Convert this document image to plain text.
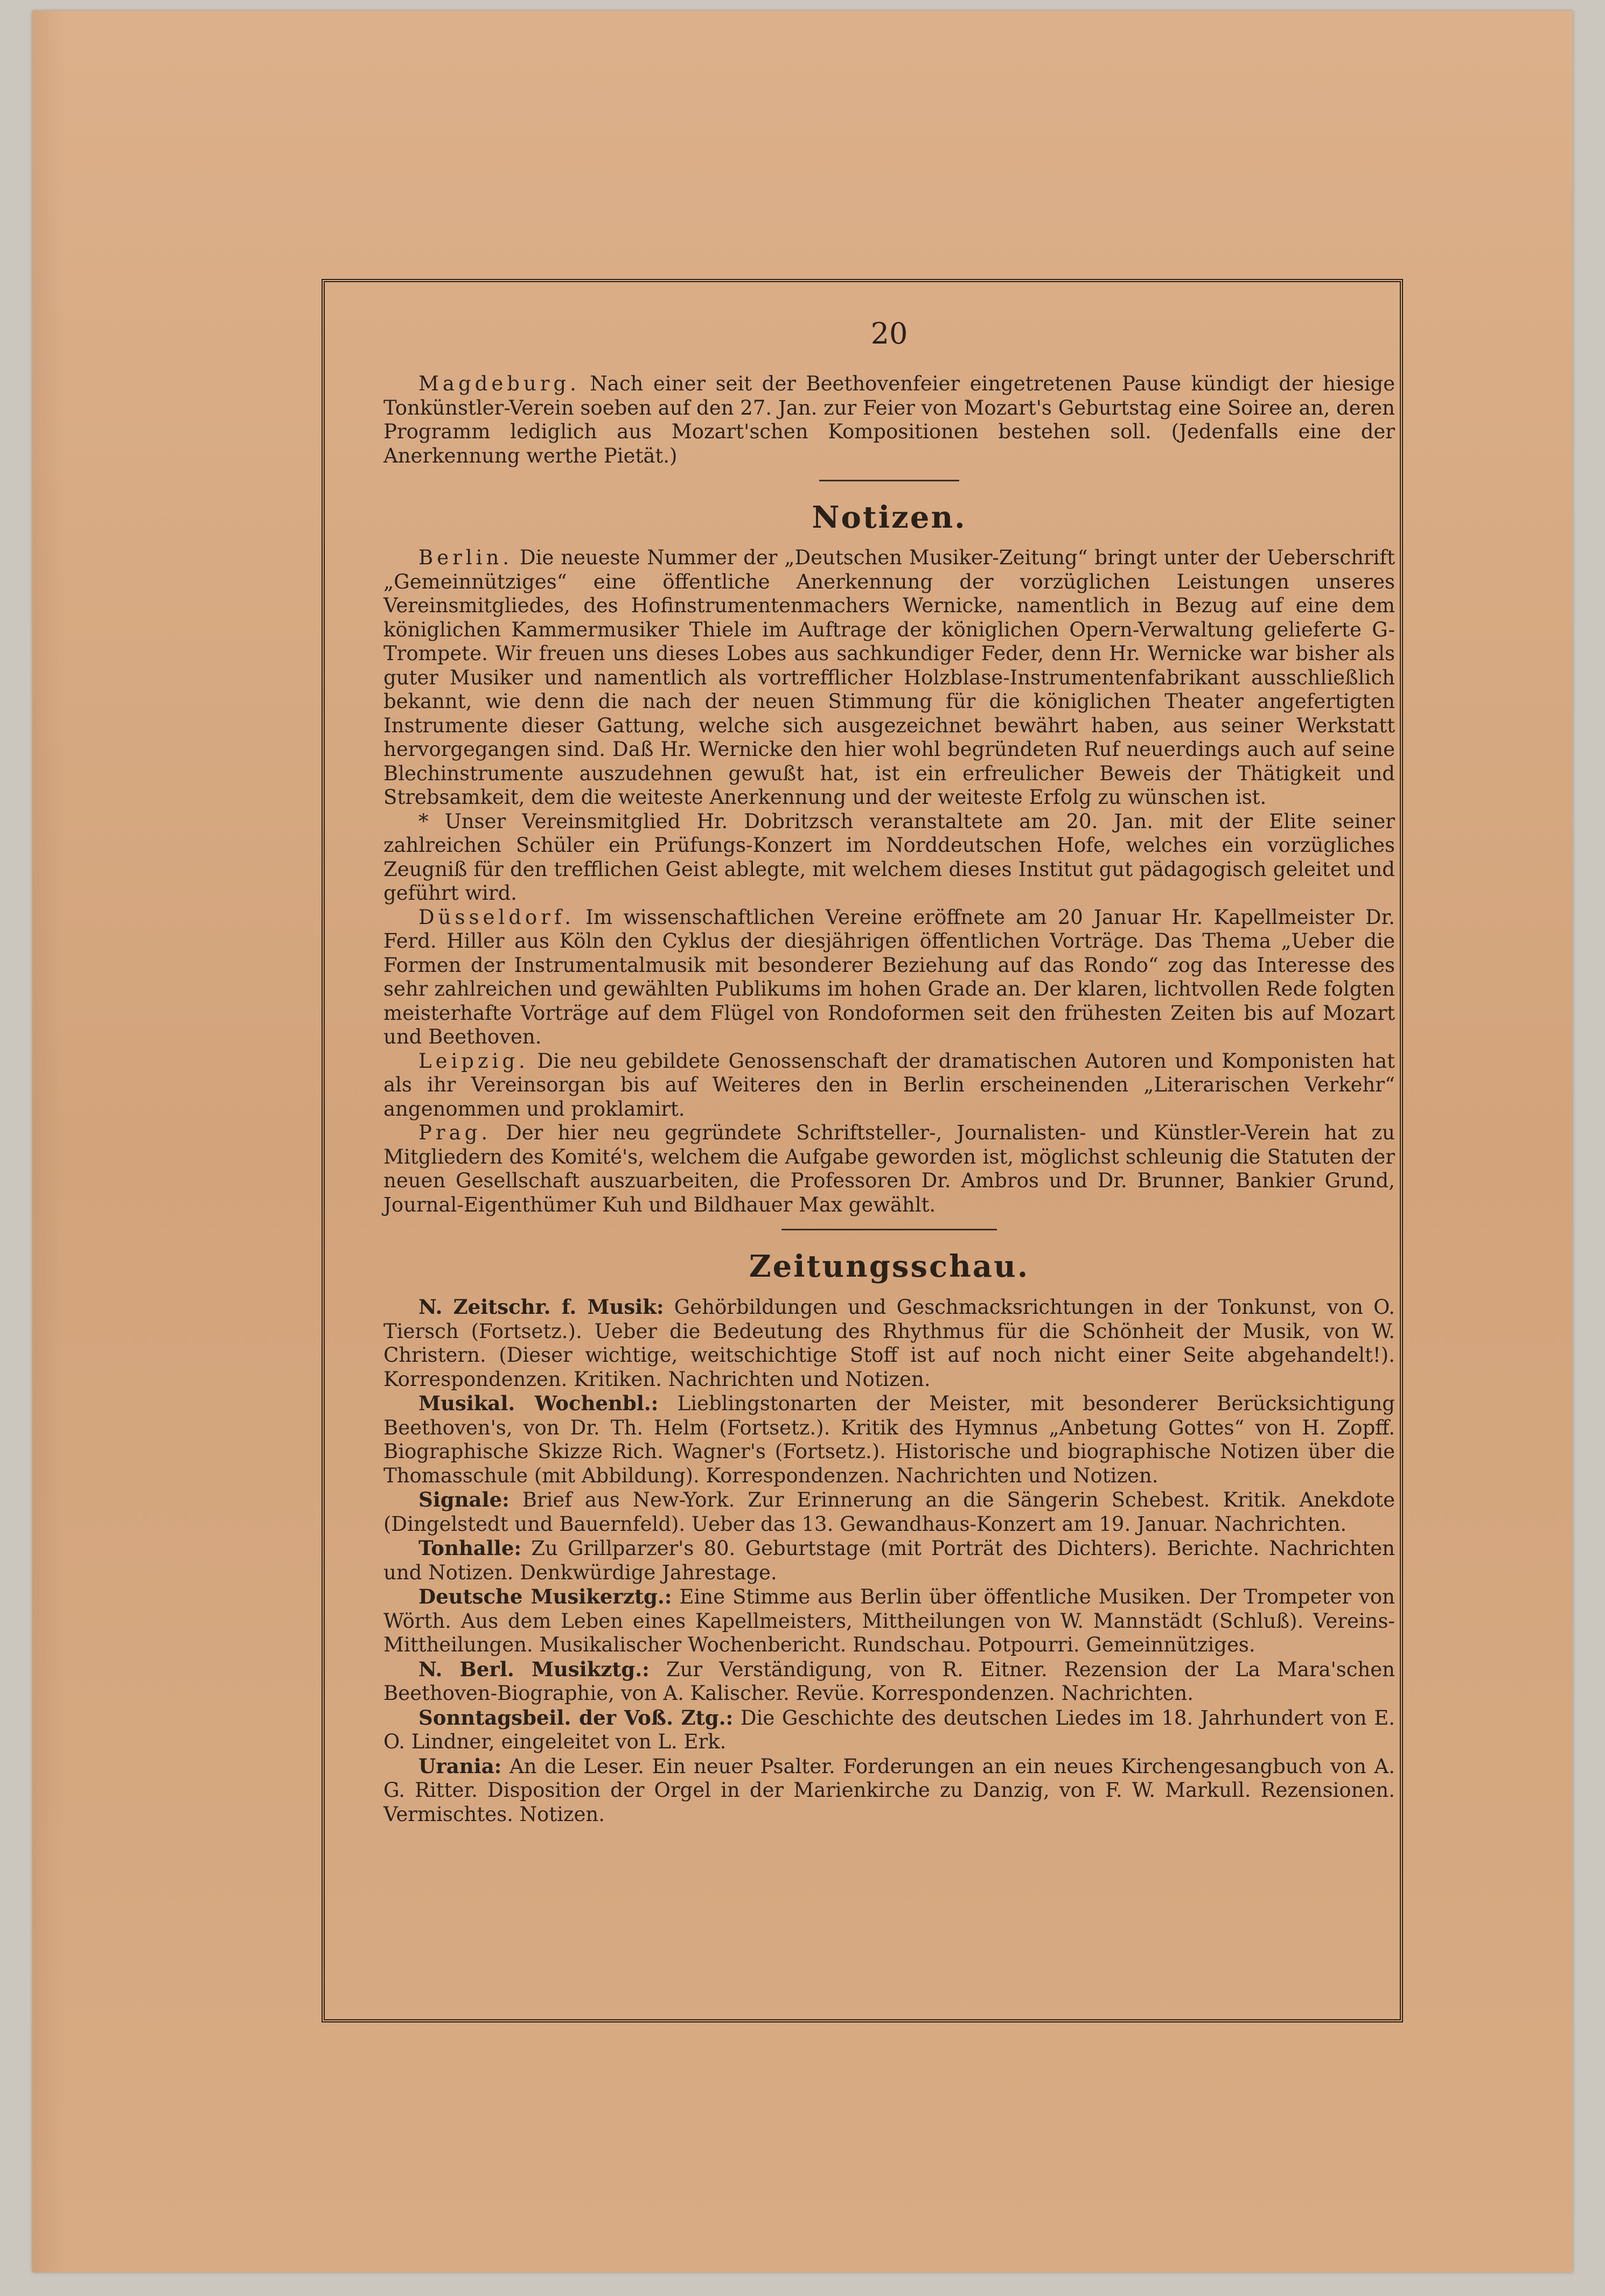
20

Magdeburg. Nach einer seit der Beethovenfeier eingetretenen Pause kündigt der hiesige Tonkünstler-Verein soeben auf den 27. Jan. zur Feier von Mozart's Geburtstag eine Soiree an, deren Programm lediglich aus Mozart'schen Kompositionen bestehen soll. (Jedenfalls eine der Anerkennung werthe Pietät.)

Notizen.

Berlin. Die neueste Nummer der „Deutschen Musiker-Zeitung“ bringt unter der Ueberschrift „Gemeinnütziges“ eine öffentliche Anerkennung der vorzüglichen Leistungen unseres Vereinsmitgliedes, des Hofinstrumentenmachers Wernicke, namentlich in Bezug auf eine dem königlichen Kammermusiker Thiele im Auftrage der königlichen Opern-Verwaltung gelieferte G-Trompete. Wir freuen uns dieses Lobes aus sachkundiger Feder, denn Hr. Wernicke war bisher als guter Musiker und namentlich als vortrefflicher Holzblase-Instrumentenfabrikant ausschließlich bekannt, wie denn die nach der neuen Stimmung für die königlichen Theater angefertigten Instrumente dieser Gattung, welche sich ausgezeichnet bewährt haben, aus seiner Werkstatt hervorgegangen sind. Daß Hr. Wernicke den hier wohl begründeten Ruf neuerdings auch auf seine Blechinstrumente auszudehnen gewußt hat, ist ein erfreulicher Beweis der Thätigkeit und Strebsamkeit, dem die weiteste Anerkennung und der weiteste Erfolg zu wünschen ist.

* Unser Vereinsmitglied Hr. Dobritzsch veranstaltete am 20. Jan. mit der Elite seiner zahlreichen Schüler ein Prüfungs-Konzert im Norddeutschen Hofe, welches ein vorzügliches Zeugniß für den trefflichen Geist ablegte, mit welchem dieses Institut gut pädagogisch geleitet und geführt wird.

Düsseldorf. Im wissenschaftlichen Vereine eröffnete am 20 Januar Hr. Kapellmeister Dr. Ferd. Hiller aus Köln den Cyklus der diesjährigen öffentlichen Vorträge. Das Thema „Ueber die Formen der Instrumentalmusik mit besonderer Beziehung auf das Rondo“ zog das Interesse des sehr zahlreichen und gewählten Publikums im hohen Grade an. Der klaren, lichtvollen Rede folgten meisterhafte Vorträge auf dem Flügel von Rondoformen seit den frühesten Zeiten bis auf Mozart und Beethoven.

Leipzig. Die neu gebildete Genossenschaft der dramatischen Autoren und Komponisten hat als ihr Vereinsorgan bis auf Weiteres den in Berlin erscheinenden „Literarischen Verkehr“ angenommen und proklamirt.

Prag. Der hier neu gegründete Schriftsteller-, Journalisten- und Künstler-Verein hat zu Mitgliedern des Komité's, welchem die Aufgabe geworden ist, möglichst schleunig die Statuten der neuen Gesellschaft auszuarbeiten, die Professoren Dr. Ambros und Dr. Brunner, Bankier Grund, Journal-Eigenthümer Kuh und Bildhauer Max gewählt.

Zeitungsschau.

N. Zeitschr. f. Musik: Gehörbildungen und Geschmacksrichtungen in der Tonkunst, von O. Tiersch (Fortsetz.). Ueber die Bedeutung des Rhythmus für die Schönheit der Musik, von W. Christern. (Dieser wichtige, weitschichtige Stoff ist auf noch nicht einer Seite abgehandelt!). Korrespondenzen. Kritiken. Nachrichten und Notizen.

Musikal. Wochenbl.: Lieblingstonarten der Meister, mit besonderer Berücksichtigung Beethoven's, von Dr. Th. Helm (Fortsetz.). Kritik des Hymnus „Anbetung Gottes“ von H. Zopff. Biographische Skizze Rich. Wagner's (Fortsetz.). Historische und biographische Notizen über die Thomasschule (mit Abbildung). Korrespondenzen. Nachrichten und Notizen.

Signale: Brief aus New-York. Zur Erinnerung an die Sängerin Schebest. Kritik. Anekdote (Dingelstedt und Bauernfeld). Ueber das 13. Gewandhaus-Konzert am 19. Januar. Nachrichten.

Tonhalle: Zu Grillparzer's 80. Geburtstage (mit Porträt des Dichters). Berichte. Nachrichten und Notizen. Denkwürdige Jahrestage.

Deutsche Musikerztg.: Eine Stimme aus Berlin über öffentliche Musiken. Der Trompeter von Wörth. Aus dem Leben eines Kapellmeisters, Mittheilungen von W. Mannstädt (Schluß). Vereins-Mittheilungen. Musikalischer Wochenbericht. Rundschau. Potpourri. Gemeinnütziges.

N. Berl. Musikztg.: Zur Verständigung, von R. Eitner. Rezension der La Mara'schen Beethoven-Biographie, von A. Kalischer. Revüe. Korrespondenzen. Nachrichten.

Sonntagsbeil. der Voß. Ztg.: Die Geschichte des deutschen Liedes im 18. Jahrhundert von E. O. Lindner, eingeleitet von L. Erk.

Urania: An die Leser. Ein neuer Psalter. Forderungen an ein neues Kirchengesangbuch von A. G. Ritter. Disposition der Orgel in der Marienkirche zu Danzig, von F. W. Markull. Rezensionen. Vermischtes. Notizen.
